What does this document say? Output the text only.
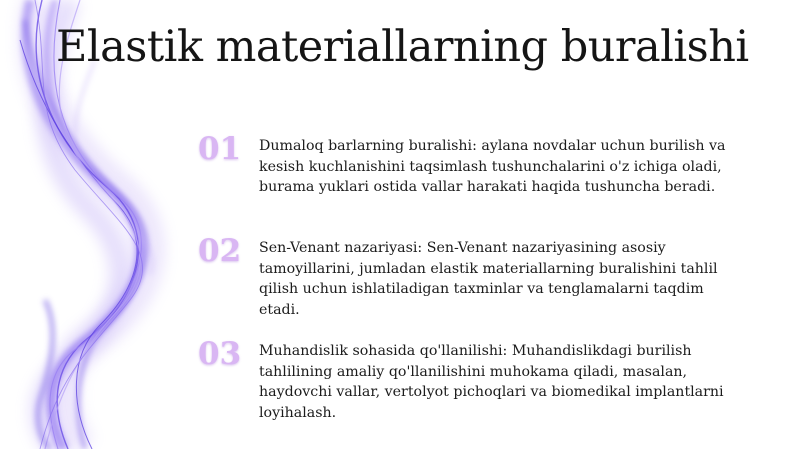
Elastik materiallarning buralishi
01	Dumaloq barlarning buralishi: aylana novdalar uchun burilish va kesish kuchlanishini taqsimlash tushunchalarini o'z ichiga oladi, burama yuklari ostida vallar harakati haqida tushuncha beradi.

02	Sen-Venant nazariyasi: Sen-Venant nazariyasining asosiy tamoyillarini, jumladan elastik materiallarning buralishini tahlil qilish uchun ishlatiladigan taxminlar va tenglamalarni taqdim etadi.

03	Muhandislik sohasida qo'llanilishi: Muhandislikdagi burilish tahlilining amaliy qo'llanilishini muhokama qiladi, masalan, haydovchi vallar, vertolyot pichoqlari va biomedikal implantlarni loyihalash.
